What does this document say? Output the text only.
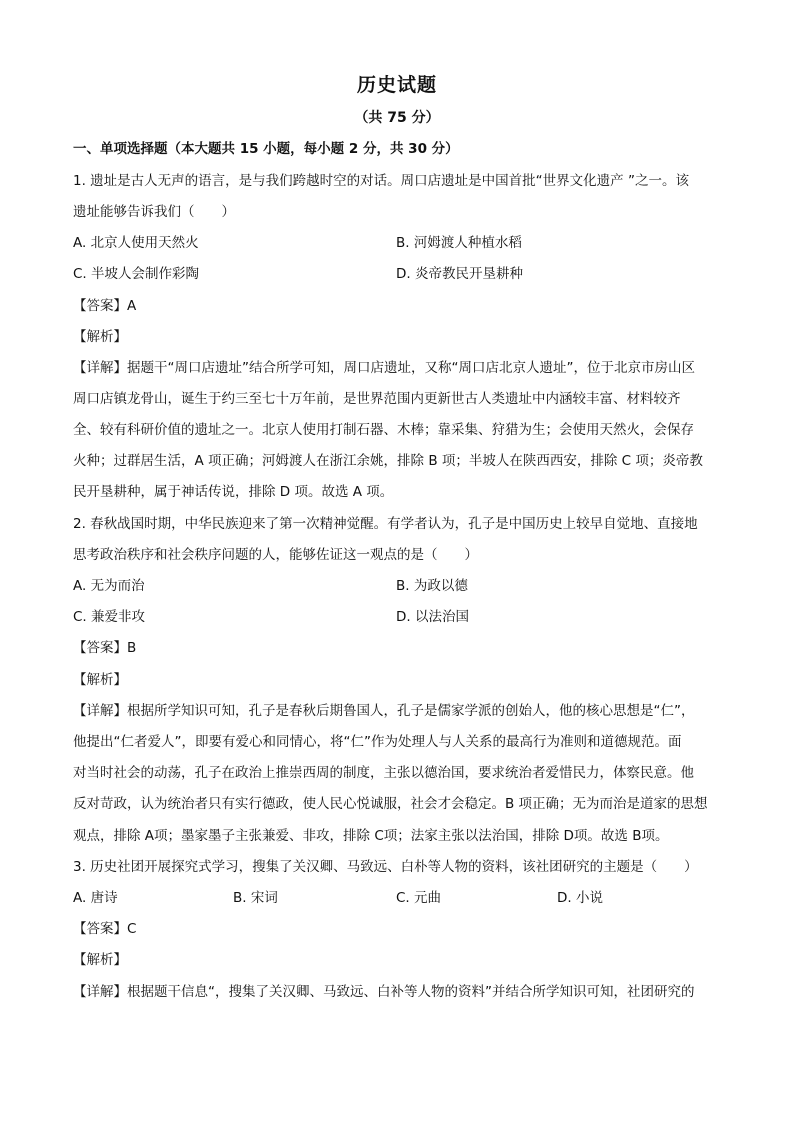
历史试题
（共 75 分）
一、单项选择题（本大题共 15 小题，每小题 2 分，共 30 分）
1. 遗址是古人无声的语言，是与我们跨越时空的对话。周口店遗址是中国首批“世界文化遗产 ”之一。该
遗址能够告诉我们（　　）
A. 北京人使用天然火	B. 河姆渡人种植水稻
C. 半坡人会制作彩陶	D. 炎帝教民开垦耕种
【答案】A
【解析】
【详解】据题干“周口店遗址”结合所学可知，周口店遗址，又称“周口店北京人遗址”，位于北京市房山区
周口店镇龙骨山，诞生于约三至七十万年前，是世界范围内更新世古人类遗址中内涵较丰富、材料较齐
全、较有科研价值的遗址之一。北京人使用打制石器、木棒；靠采集、狩猎为生；会使用天然火，会保存
火种；过群居生活，A 项正确；河姆渡人在浙江余姚，排除 B 项；半坡人在陕西西安，排除 C 项；炎帝教
民开垦耕种，属于神话传说，排除 D 项。故选 A 项。
2. 春秋战国时期，中华民族迎来了第一次精神觉醒。有学者认为，孔子是中国历史上较早自觉地、直接地
思考政治秩序和社会秩序问题的人，能够佐证这一观点的是（　　）
A. 无为而治	B. 为政以德
C. 兼爱非攻	D. 以法治国
【答案】B
【解析】
【详解】根据所学知识可知，孔子是春秋后期鲁国人，孔子是儒家学派的创始人，他的核心思想是“仁”，
他提出“仁者爱人”，即要有爱心和同情心，将“仁”作为处理人与人关系的最高行为准则和道德规范。面
对当时社会的动荡，孔子在政治上推崇西周的制度，主张以德治国，要求统治者爱惜民力，体察民意。他
反对苛政，认为统治者只有实行德政，使人民心悦诚服，社会才会稳定。B 项正确；无为而治是道家的思想
观点，排除 A项；墨家墨子主张兼爱、非攻，排除 C项；法家主张以法治国，排除 D项。故选 B项。
3. 历史社团开展探究式学习，搜集了关汉卿、马致远、白朴等人物的资料，该社团研究的主题是（　　）
A. 唐诗	B. 宋词	C. 元曲	D. 小说
【答案】C
【解析】
【详解】根据题干信息“，搜集了关汉卿、马致远、白补等人物的资料”并结合所学知识可知，社团研究的
